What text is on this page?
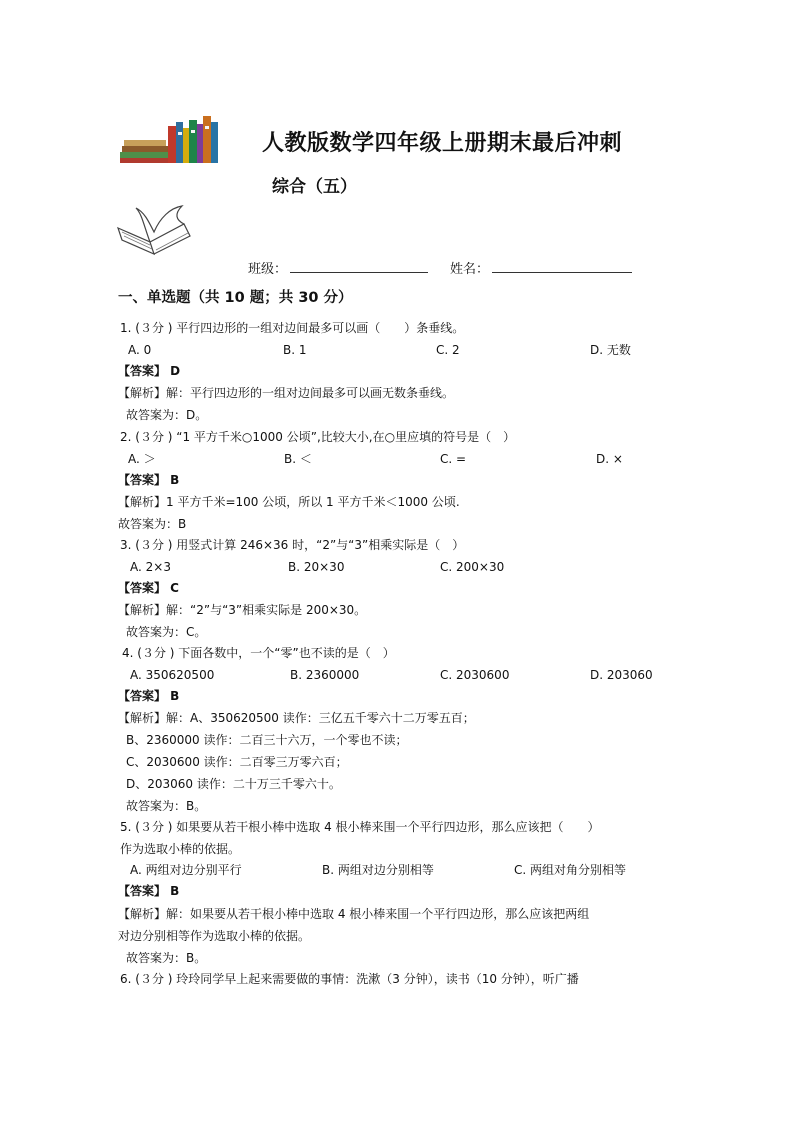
人教版数学四年级上册期末最后冲刺
综合（五）
班级：	姓名：
一、单选题（共 10 题；共 30 分）
1. (３分 ) 平行四边形的一组对边间最多可以画（　　）条垂线。
A. 0	B. 1	C. 2	D. 无数
【答案】 D
【解析】解：平行四边形的一组对边间最多可以画无数条垂线。
故答案为：D。
2. (３分 ) “1 平方千米○1000 公顷”,比较大小,在○里应填的符号是（　）
A. ＞	B. ＜	C. =	D. ×
【答案】 B
【解析】1 平方千米=100 公顷，所以 1 平方千米＜1000 公顷.
故答案为：B
3. (３分 ) 用竖式计算 246×36 时，“2”与“3”相乘实际是（　）
A. 2×3	B. 20×30	C. 200×30
【答案】 C
【解析】解：“2”与“3”相乘实际是 200×30。
故答案为：C。
4. (３分 ) 下面各数中，一个“零”也不读的是（　）
A. 350620500	B. 2360000	C. 2030600	D. 203060
【答案】 B
【解析】解：A、350620500 读作：三亿五千零六十二万零五百；
B、2360000 读作：二百三十六万，一个零也不读；
C、2030600 读作：二百零三万零六百；
D、203060 读作：二十万三千零六十。
故答案为：B。
5. (３分 ) 如果要从若干根小棒中选取 4 根小棒来围一个平行四边形，那么应该把（　　）
作为选取小棒的依据。
A. 两组对边分别平行	B. 两组对边分别相等	C. 两组对角分别相等
【答案】 B
【解析】解：如果要从若干根小棒中选取 4 根小棒来围一个平行四边形，那么应该把两组
对边分别相等作为选取小棒的依据。
故答案为：B。
6. (３分 ) 玲玲同学早上起来需要做的事情：洗漱（3 分钟），读书（10 分钟），听广播
